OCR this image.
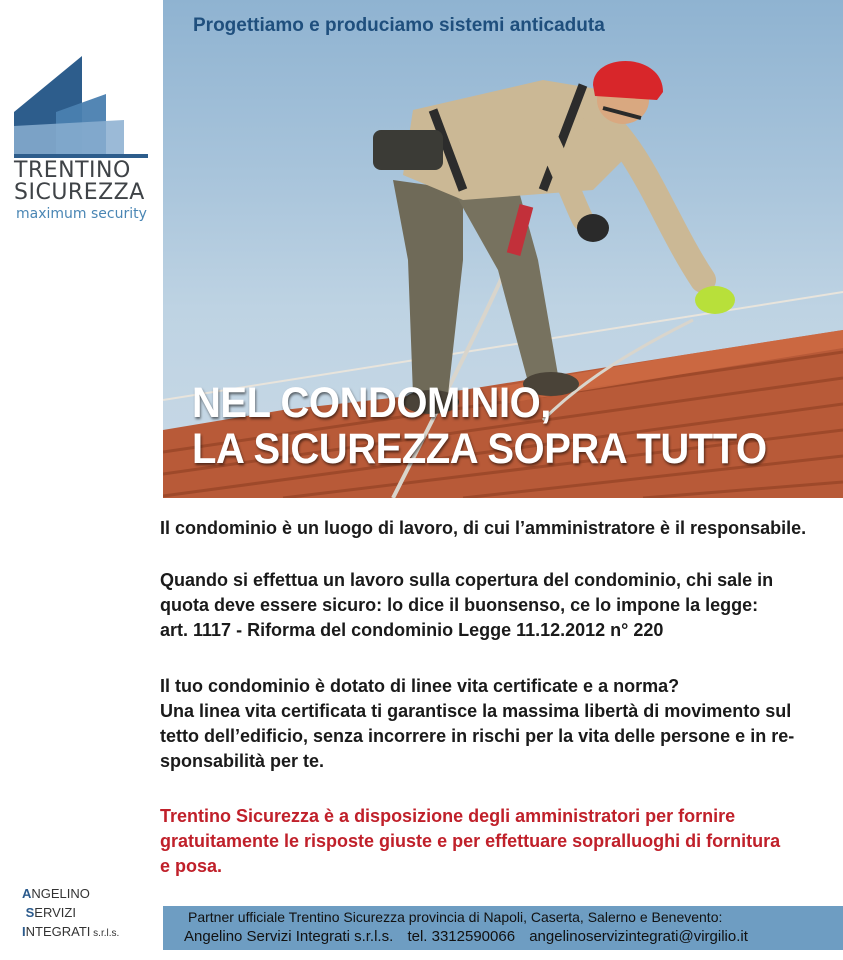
TRENTINO
SICUREZZA
maximum security
Progettiamo e produciamo sistemi anticaduta
NEL CONDOMINIO,
LA SICUREZZA SOPRA TUTTO

Il condominio è un luogo di lavoro, di cui l’amministratore è il responsabile.

Quando si effettua un lavoro sulla copertura del condominio, chi sale in
quota deve essere sicuro: lo dice il buonsenso, ce lo impone la legge:
art. 1117 - Riforma del condominio Legge 11.12.2012 n° 220

Il tuo condominio è dotato di linee vita certificate e a norma?
Una linea vita certificata ti garantisce la massima libertà di movimento sul
tetto dell’edificio, senza incorrere in rischi per la vita delle persone e in re-
sponsabilità per te.

Trentino Sicurezza è a disposizione degli amministratori per fornire
gratuitamente le risposte giuste e per effettuare sopralluoghi di fornitura
e posa.

ANGELINO
SERVIZI
INTEGRATI s.r.l.s.
Partner ufficiale Trentino Sicurezza provincia di Napoli, Caserta, Salerno e Benevento:
Angelino Servizi Integrati s.r.l.s. tel. 3312590066 angelinoservizintegrati@virgilio.it
